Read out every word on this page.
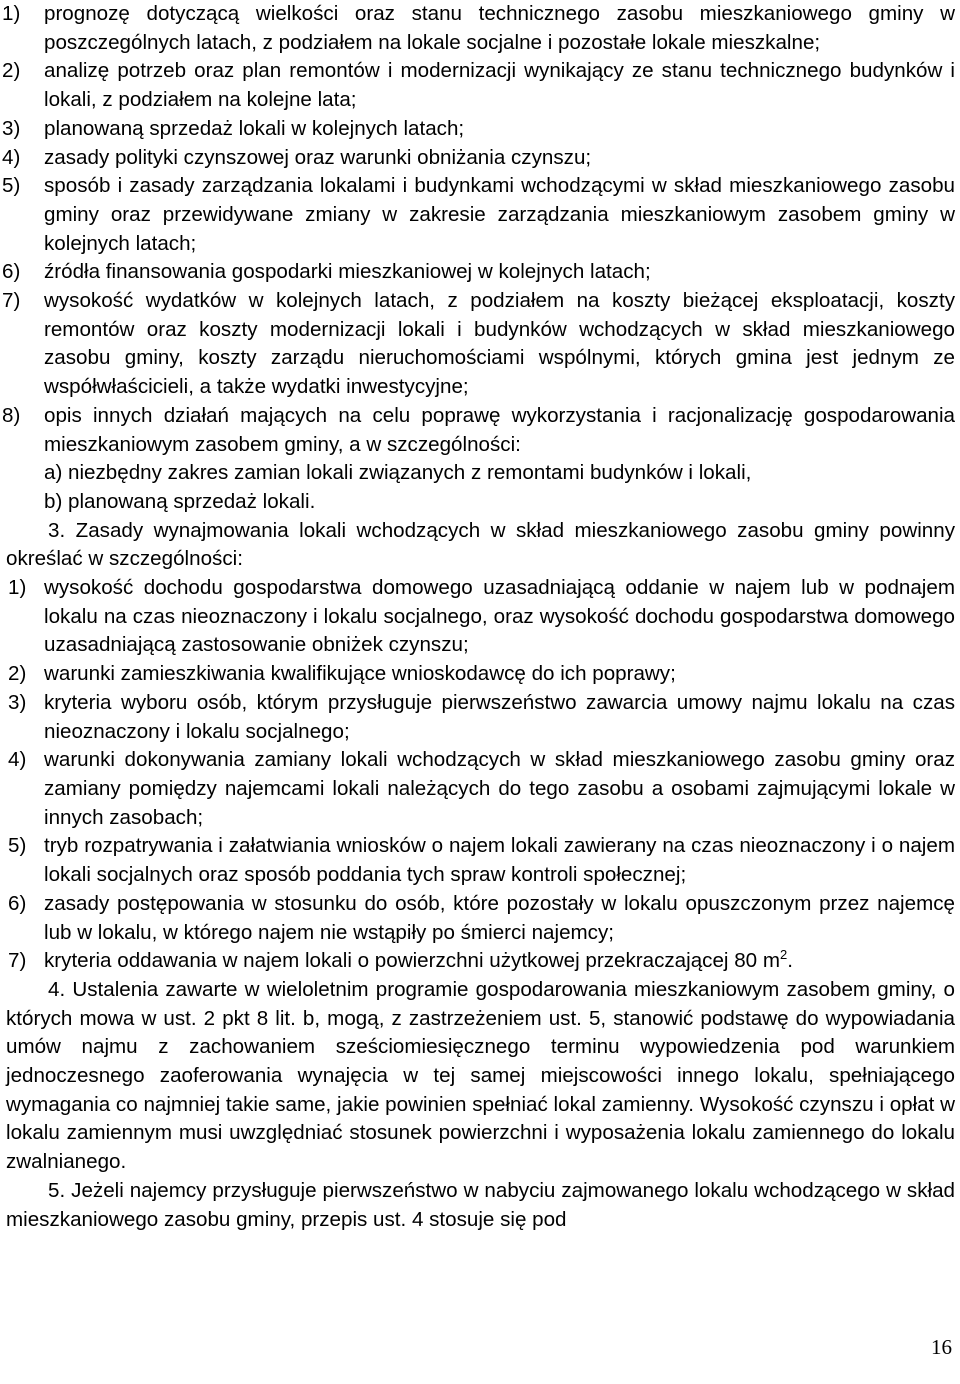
1)	prognozę dotyczącą wielkości oraz stanu technicznego zasobu mieszkaniowego gminy w poszczególnych latach, z podziałem na lokale socjalne i pozostałe lokale mieszkalne;
2)	analizę potrzeb oraz plan remontów i modernizacji wynikający ze stanu technicznego budynków i lokali, z podziałem na kolejne lata;
3)	planowaną sprzedaż lokali w kolejnych latach;
4)	zasady polityki czynszowej oraz warunki obniżania czynszu;
5)	sposób i zasady zarządzania lokalami i budynkami wchodzącymi w skład mieszkaniowego zasobu gminy oraz przewidywane zmiany w zakresie zarządzania mieszkaniowym zasobem gminy w kolejnych latach;
6)	źródła finansowania gospodarki mieszkaniowej w kolejnych latach;
7)	wysokość wydatków w kolejnych latach, z podziałem na koszty bieżącej eksploatacji, koszty remontów oraz koszty modernizacji lokali i budynków wchodzących w skład mieszkaniowego zasobu gminy, koszty zarządu nieruchomościami wspólnymi, których gmina jest jednym ze współwłaścicieli, a także wydatki inwestycyjne;
8)	opis innych działań mających na celu poprawę wykorzystania i racjonalizację gospodarowania mieszkaniowym zasobem gminy, a w szczególności:

a) niezbędny zakres zamian lokali związanych z remontami budynków i lokali,

b) planowaną sprzedaż lokali.

3. Zasady wynajmowania lokali wchodzących w skład mieszkaniowego zasobu gminy powinny określać w szczególności:

1) wysokość dochodu gospodarstwa domowego uzasadniającą oddanie w najem lub w podnajem lokalu na czas nieoznaczony i lokalu socjalnego, oraz wysokość dochodu gospodarstwa domowego uzasadniającą zastosowanie obniżek czynszu;
2) warunki zamieszkiwania kwalifikujące wnioskodawcę do ich poprawy;
3) kryteria wyboru osób, którym przysługuje pierwszeństwo zawarcia umowy najmu lokalu na czas nieoznaczony i lokalu socjalnego;
4) warunki dokonywania zamiany lokali wchodzących w skład mieszkaniowego zasobu gminy oraz zamiany pomiędzy najemcami lokali należących do tego zasobu a osobami zajmującymi lokale w innych zasobach;
5) tryb rozpatrywania i załatwiania wniosków o najem lokali zawierany na czas nieoznaczony i o najem lokali socjalnych oraz sposób poddania tych spraw kontroli społecznej;
6) zasady postępowania w stosunku do osób, które pozostały w lokalu opuszczonym przez najemcę lub w lokalu, w którego najem nie wstąpiły po śmierci najemcy;
7) kryteria oddawania w najem lokali o powierzchni użytkowej przekraczającej 80 $m^2$.

4. Ustalenia zawarte w wieloletnim programie gospodarowania mieszkaniowym zasobem gminy, o których mowa w ust. 2 pkt 8 lit. b, mogą, z zastrzeżeniem ust. 5, stanowić podstawę do wypowiadania umów najmu z zachowaniem sześciomiesięcznego terminu wypowiedzenia pod warunkiem jednoczesnego zaoferowania wynajęcia w tej samej miejscowości innego lokalu, spełniającego wymagania co najmniej takie same, jakie powinien spełniać lokal zamienny. Wysokość czynszu i opłat w lokalu zamiennym musi uwzględniać stosunek powierzchni i wyposażenia lokalu zamiennego do lokalu zwalnianego.

5. Jeżeli najemcy przysługuje pierwszeństwo w nabyciu zajmowanego lokalu wchodzącego w skład mieszkaniowego zasobu gminy, przepis ust. 4 stosuje się pod

16
